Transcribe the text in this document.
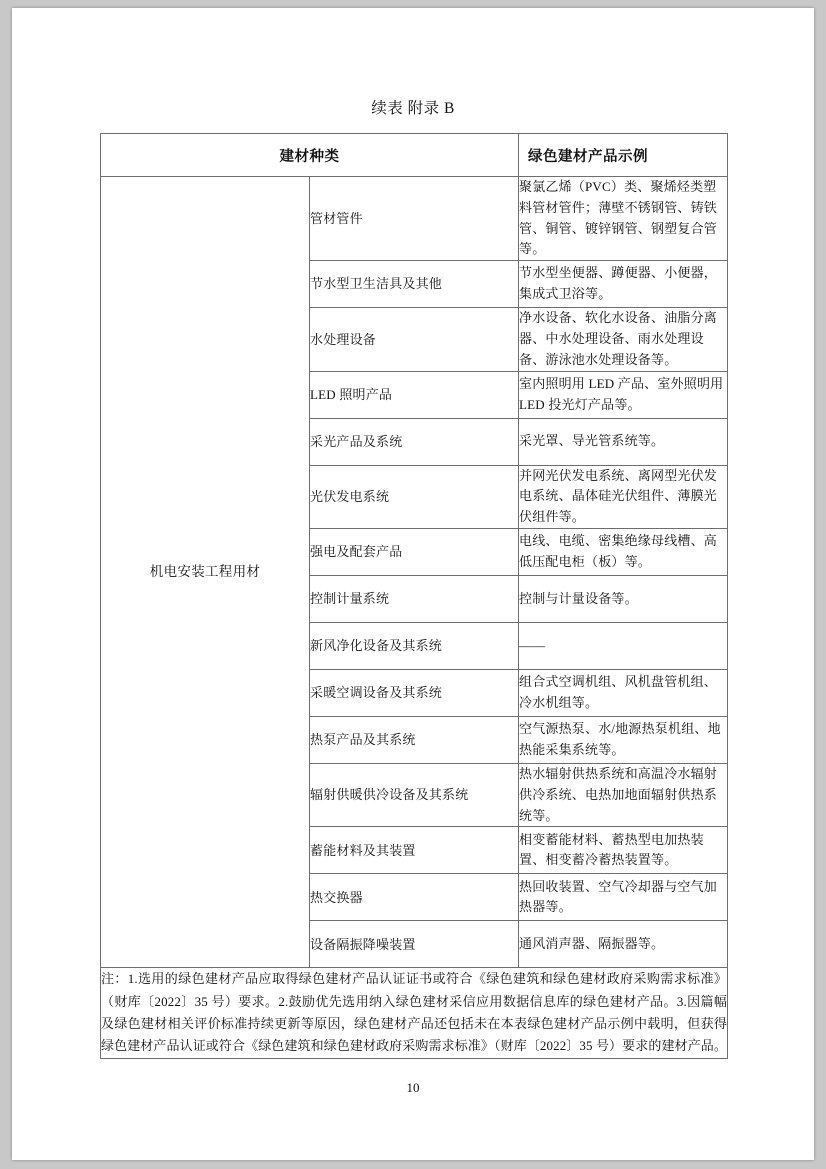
续表 附录 B
建材种类		绿色建材产品示例
机电安装工程用材	管材管件	聚氯乙烯（PVC）类、聚烯烃类塑料管材管件；薄壁不锈钢管、铸铁管、铜管、镀锌钢管、钢塑复合管等。
	节水型卫生洁具及其他	节水型坐便器、蹲便器、小便器，集成式卫浴等。
	水处理设备	净水设备、软化水设备、油脂分离器、中水处理设备、雨水处理设备、游泳池水处理设备等。
	LED 照明产品	室内照明用 LED 产品、室外照明用 LED 投光灯产品等。
	采光产品及系统	采光罩、导光管系统等。
	光伏发电系统	并网光伏发电系统、离网型光伏发电系统、晶体硅光伏组件、薄膜光伏组件等。
	强电及配套产品	电线、电缆、密集绝缘母线槽、高低压配电柜（板）等。
	控制计量系统	控制与计量设备等。
	新风净化设备及其系统	——
	采暖空调设备及其系统	组合式空调机组、风机盘管机组、冷水机组等。
	热泵产品及其系统	空气源热泵、水/地源热泵机组、地热能采集系统等。
	辐射供暖供冷设备及其系统	热水辐射供热系统和高温冷水辐射供冷系统、电热加地面辐射供热系统等。
	蓄能材料及其装置	相变蓄能材料、蓄热型电加热装置、相变蓄冷蓄热装置等。
	热交换器	热回收装置、空气冷却器与空气加热器等。
	设备隔振降噪装置	通风消声器、隔振器等。
注：1.选用的绿色建材产品应取得绿色建材产品认证证书或符合《绿色建筑和绿色建材政府采购需求标准》（财库〔2022〕35 号）要求。2.鼓励优先选用纳入绿色建材采信应用数据信息库的绿色建材产品。3.因篇幅及绿色建材相关评价标准持续更新等原因，绿色建材产品还包括未在本表绿色建材产品示例中载明，但获得绿色建材产品认证或符合《绿色建筑和绿色建材政府采购需求标准》（财库〔2022〕35 号）要求的建材产品。		
10
